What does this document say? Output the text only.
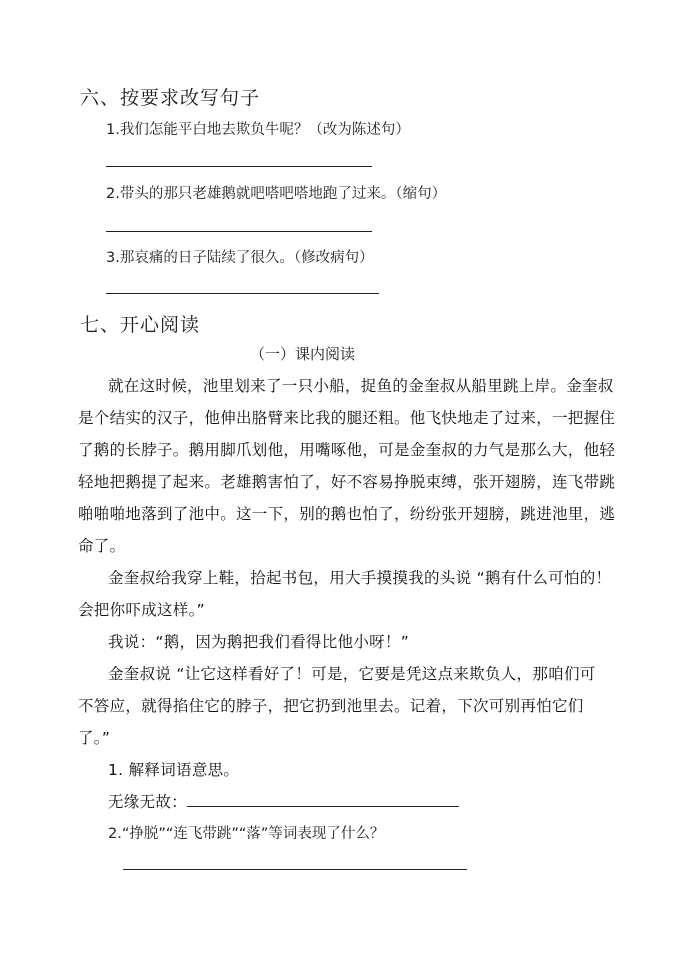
六、按要求改写句子
1.我们怎能平白地去欺负牛呢？（改为陈述句）
2.带头的那只老雄鹅就吧嗒吧嗒地跑了过来。（缩句）
3.那哀痛的日子陆续了很久。（修改病句）
七、开心阅读
（一）课内阅读
就在这时候，池里划来了一只小船，捉鱼的金奎叔从船里跳上岸。金奎叔
是个结实的汉子，他伸出胳臂来比我的腿还粗。他飞快地走了过来，一把握住
了鹅的长脖子。鹅用脚爪划他，用嘴啄他，可是金奎叔的力气是那么大，他轻
轻地把鹅提了起来。老雄鹅害怕了，好不容易挣脱束缚，张开翅膀，连飞带跳
啪啪啪地落到了池中。这一下，别的鹅也怕了，纷纷张开翅膀，跳进池里，逃
命了。
金奎叔给我穿上鞋，拾起书包，用大手摸摸我的头说 “鹅有什么可怕的！
会把你吓成这样。”
我说：“鹅，因为鹅把我们看得比他小呀！”
金奎叔说 “让它这样看好了！可是，它要是凭这点来欺负人，那咱们可
不答应，就得掐住它的脖子，把它扔到池里去。记着，下次可别再怕它们
了。”
1. 解释词语意思。
无缘无故：
2.“挣脱”“连飞带跳”“落”等词表现了什么？
